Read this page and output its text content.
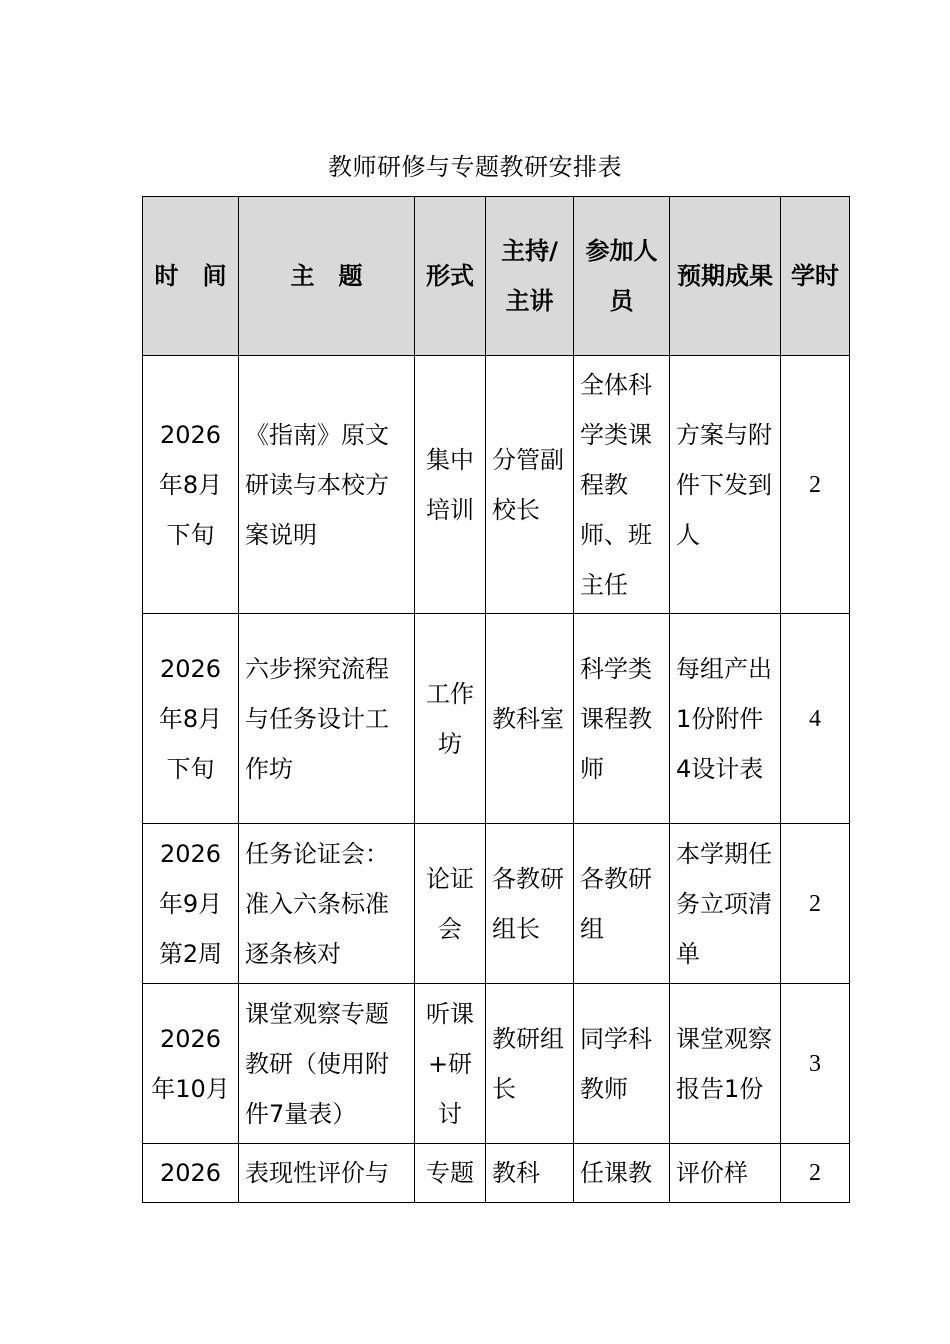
教师研修与专题教研安排表
时　间	主　题	形式	主持/主讲	参加人员	预期成果	学时
2026年8月下旬	《指南》原文研读与本校方案说明	集中培训	分管副校长	全体科学类课程教师、班主任	方案与附件下发到人	2
2026年8月下旬	六步探究流程与任务设计工作坊	工作坊	教科室	科学类课程教师	每组产出1份附件4设计表	4
2026年9月第2周	任务论证会：准入六条标准逐条核对	论证会	各教研组长	各教研组	本学期任务立项清单	2
2026年10月	课堂观察专题教研（使用附件7量表）	听课+研讨	教研组长	同学科教师	课堂观察报告1份	3
2026	表现性评价与	专题	教科	任课教	评价样	2
